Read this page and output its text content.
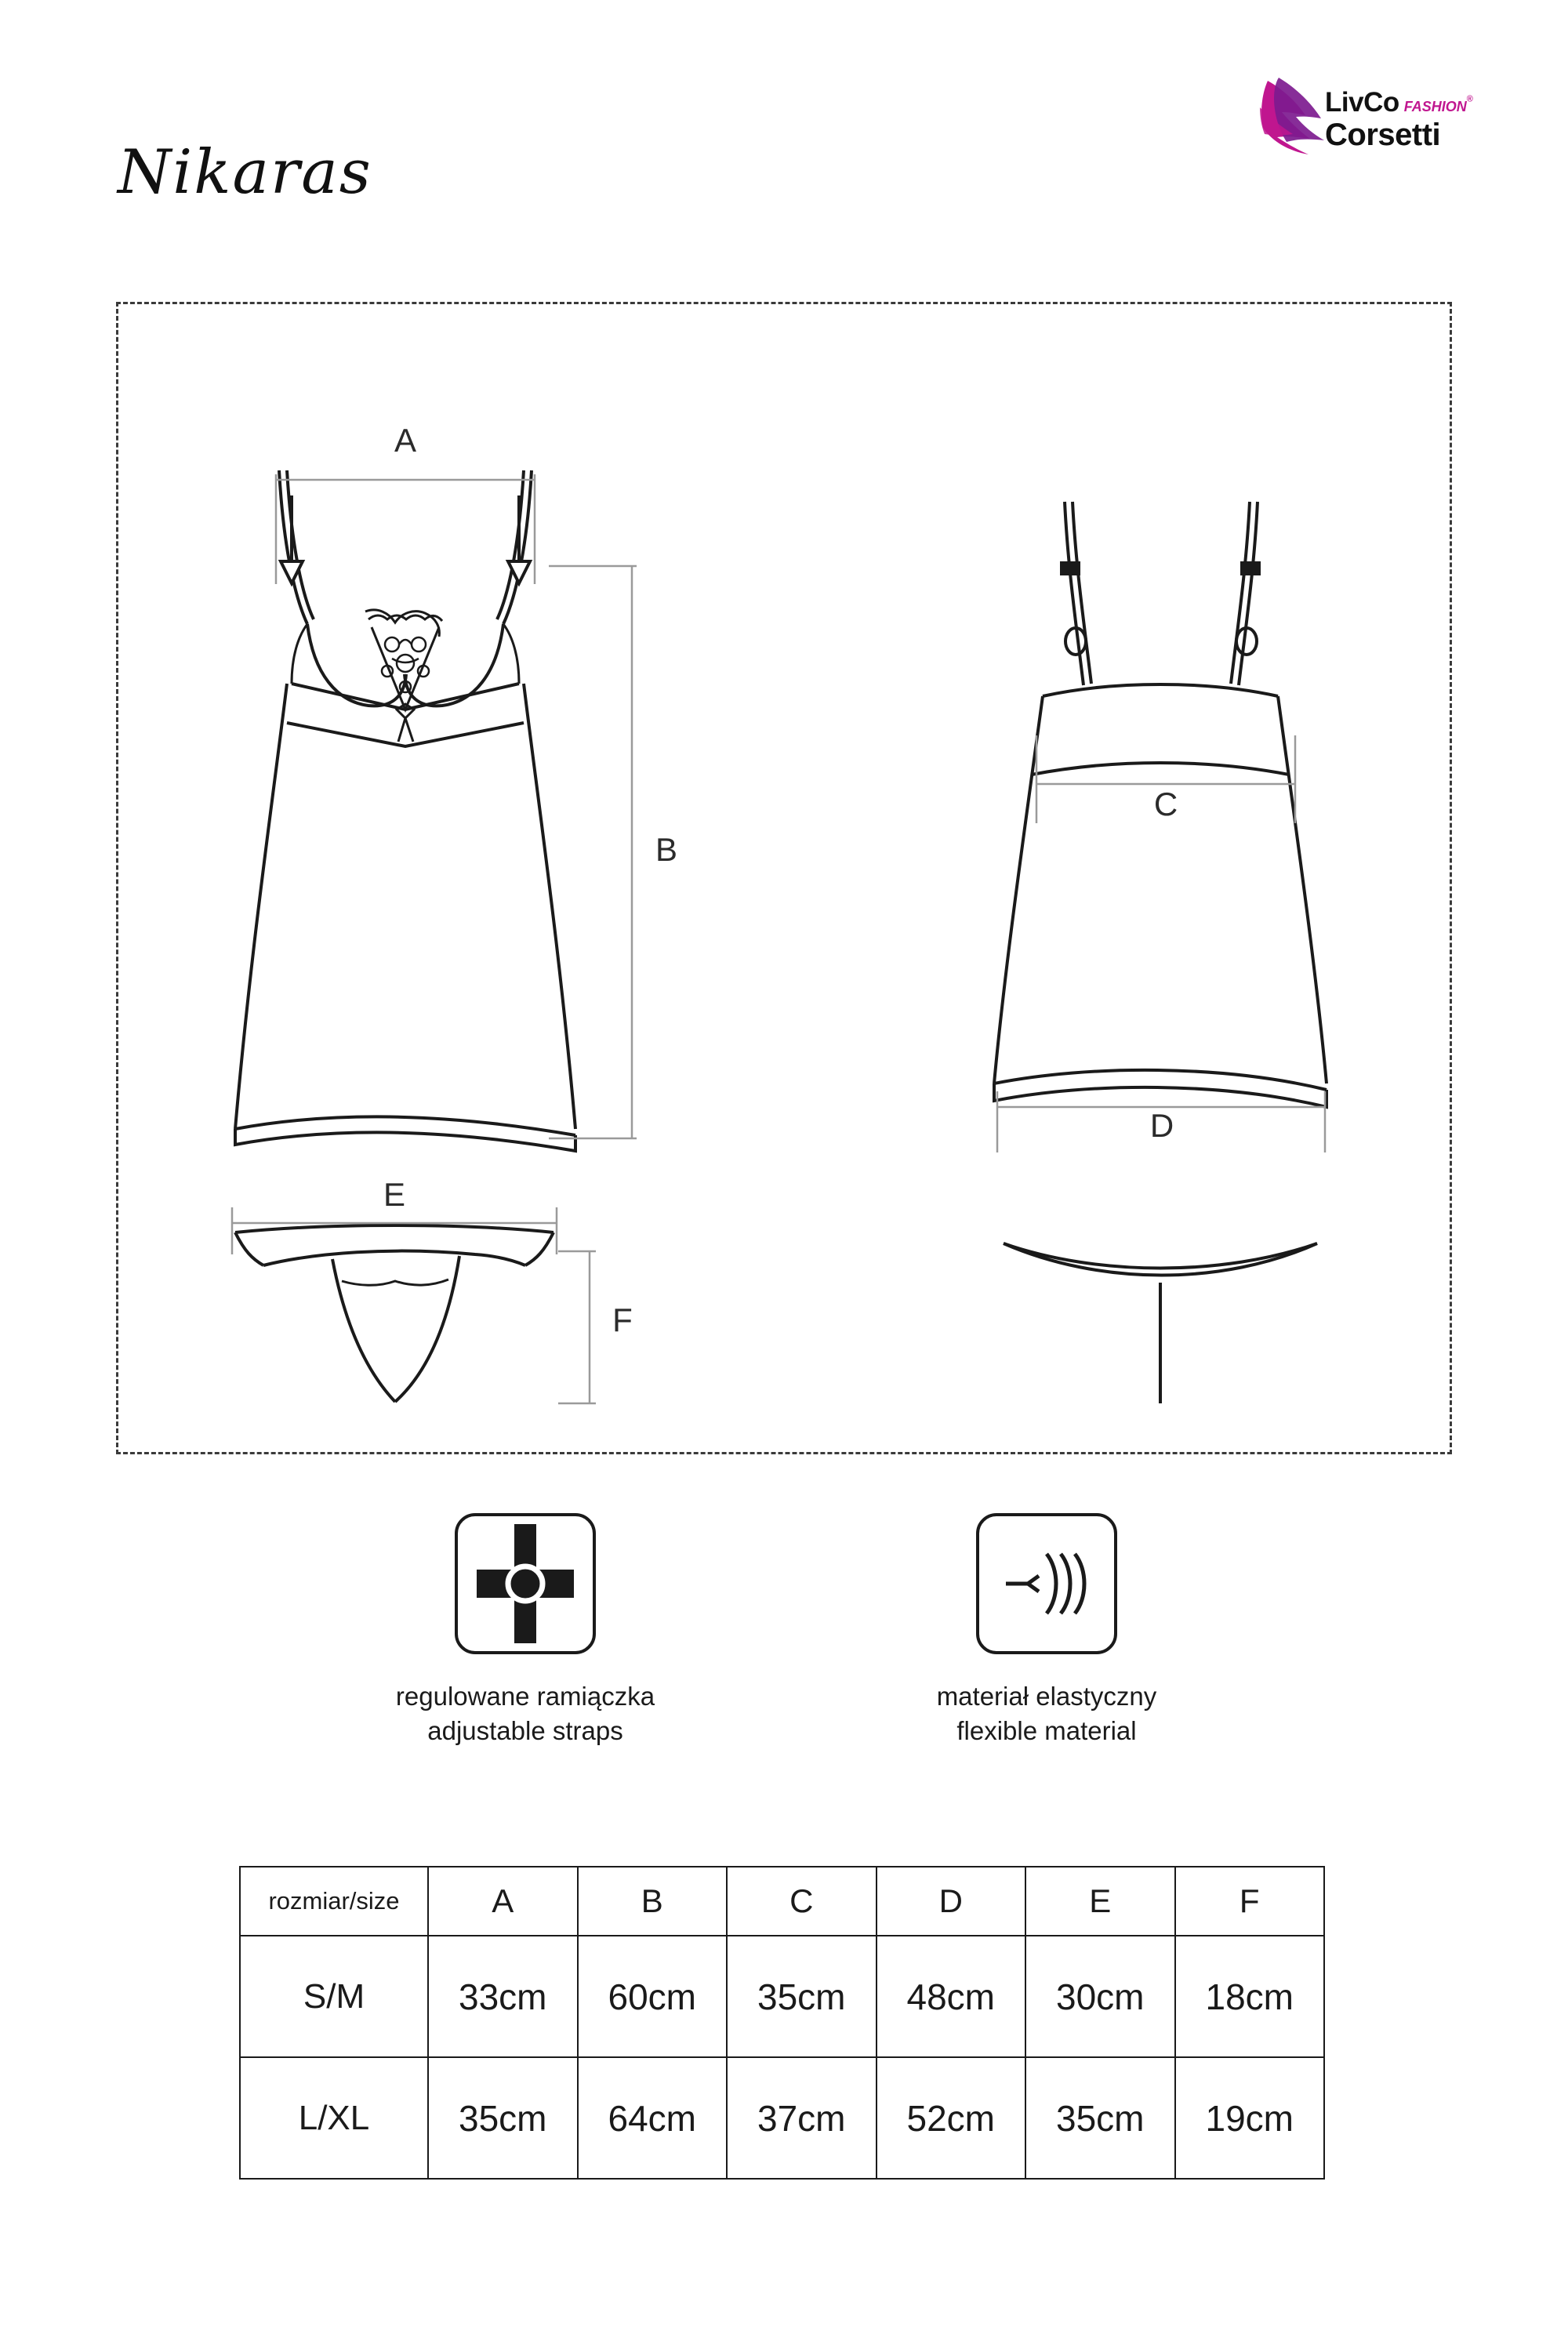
Nikaras
LivCo FASHION®
Corsetti
A
B
C
D
E
F
regulowane ramiączka
adjustable straps
materiał elastyczny
flexible material
rozmiar/size	A	B	C	D	E	F
S/M	33cm	60cm	35cm	48cm	30cm	18cm
L/XL	35cm	64cm	37cm	52cm	35cm	19cm
